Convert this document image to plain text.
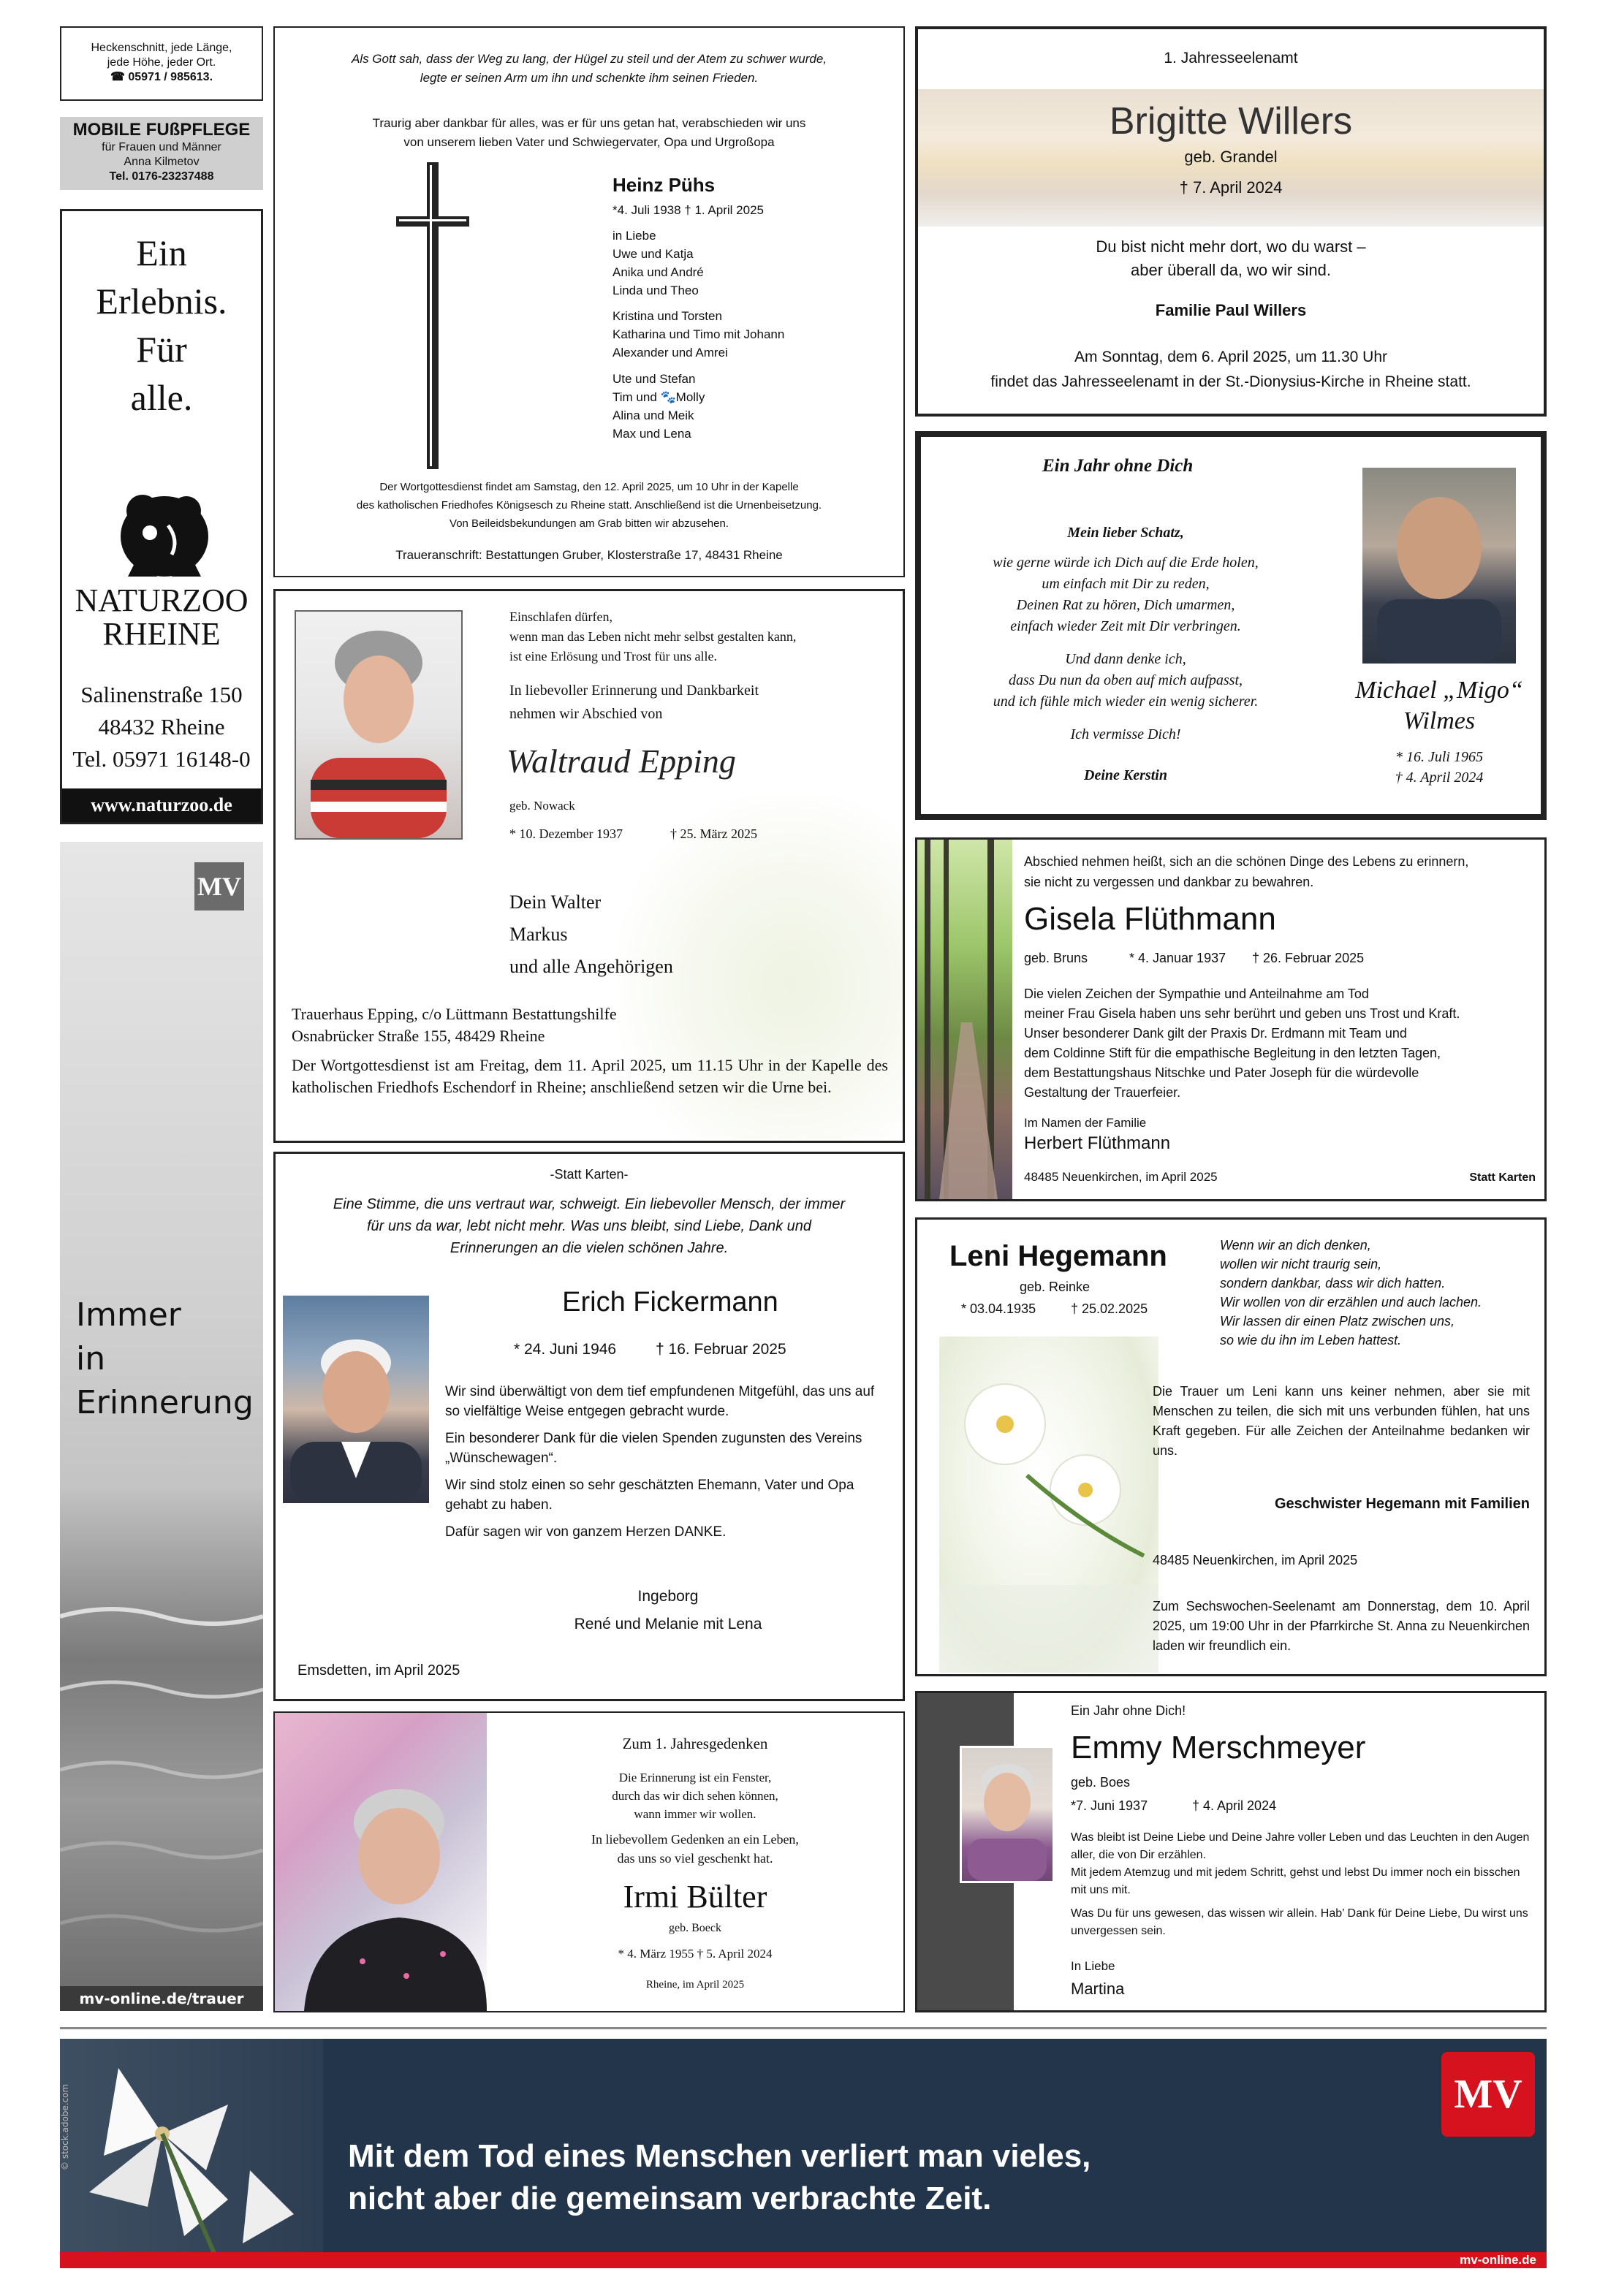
Heckenschnitt, jede Länge,
jede Höhe, jeder Ort.
☎ 05971 / 985613.
MOBILE FUßPFLEGE
für Frauen und Männer
Anna Kilmetov
Tel. 0176-23237488
Ein
Erlebnis.
Für
alle.
NATURZOO
RHEINE
Salinenstraße 150
48432 Rheine
Tel. 05971 16148-0
www.naturzoo.de
MV
Immer
in
Erinnerung
mv-online.de/trauer
Als Gott sah, dass der Weg zu lang, der Hügel zu steil und der Atem zu schwer wurde,
legte er seinen Arm um ihn und schenkte ihm seinen Frieden.
Traurig aber dankbar für alles, was er für uns getan hat, verabschieden wir uns
von unserem lieben Vater und Schwiegervater, Opa und Urgroßopa
Heinz Pühs
*4. Juli 1938 † 1. April 2025
in Liebe
Uwe und Katja
Anika und André
Linda und Theo
Kristina und Torsten
Katharina und Timo mit Johann
Alexander und Amrei
Ute und Stefan
Tim und 🐾Molly
Alina und Meik
Max und Lena
Der Wortgottesdienst findet am Samstag, den 12. April 2025, um 10 Uhr in der Kapelle
des katholischen Friedhofes Königsesch zu Rheine statt. Anschließend ist die Urnenbeisetzung.
Von Beileidsbekundungen am Grab bitten wir abzusehen.
Traueranschrift: Bestattungen Gruber, Klosterstraße 17, 48431 Rheine
1. Jahresseelenamt
Brigitte Willers
geb. Grandel
† 7. April 2024
Du bist nicht mehr dort, wo du warst –
aber überall da, wo wir sind.
Familie Paul Willers
Am Sonntag, dem 6. April 2025, um 11.30 Uhr
findet das Jahresseelenamt in der St.-Dionysius-Kirche in Rheine statt.
Ein Jahr ohne Dich
Mein lieber Schatz,
wie gerne würde ich Dich auf die Erde holen,
um einfach mit Dir zu reden,
Deinen Rat zu hören, Dich umarmen,
einfach wieder Zeit mit Dir verbringen.
Und dann denke ich,
dass Du nun da oben auf mich aufpasst,
und ich fühle mich wieder ein wenig sicherer.
Ich vermisse Dich!
Deine Kerstin
Michael „Migo“
Wilmes
* 16. Juli 1965
† 4. April 2024
Einschlafen dürfen,
wenn man das Leben nicht mehr selbst gestalten kann,
ist eine Erlösung und Trost für uns alle.
In liebevoller Erinnerung und Dankbarkeit
nehmen wir Abschied von
Waltraud Epping
geb. Nowack
* 10. Dezember 1937	† 25. März 2025
Dein Walter
Markus
und alle Angehörigen
Trauerhaus Epping, c/o Lüttmann Bestattungshilfe
Osnabrücker Straße 155, 48429 Rheine
Der Wortgottesdienst ist am Freitag, dem 11. April 2025, um 11.15 Uhr in der Kapelle des katholischen Friedhofs Eschendorf in Rheine; anschließend setzen wir die Urne bei.
Abschied nehmen heißt, sich an die schönen Dinge des Lebens zu erinnern,
sie nicht zu vergessen und dankbar zu bewahren.
Gisela Flüthmann
geb. Bruns	* 4. Januar 1937 † 26. Februar 2025
Die vielen Zeichen der Sympathie und Anteilnahme am Tod
meiner Frau Gisela haben uns sehr berührt und geben uns Trost und Kraft.
Unser besonderer Dank gilt der Praxis Dr. Erdmann mit Team und
dem Coldinne Stift für die empathische Begleitung in den letzten Tagen,
dem Bestattungshaus Nitschke und Pater Joseph für die würdevolle
Gestaltung der Trauerfeier.
Im Namen der Familie
Herbert Flüthmann
48485 Neuenkirchen, im April 2025	Statt Karten
-Statt Karten-
Eine Stimme, die uns vertraut war, schweigt. Ein liebevoller Mensch, der immer
für uns da war, lebt nicht mehr. Was uns bleibt, sind Liebe, Dank und
Erinnerungen an die vielen schönen Jahre.
Erich Fickermann
* 24. Juni 1946	† 16. Februar 2025
Wir sind überwältigt von dem tief empfundenen Mitgefühl, das uns auf so vielfältige Weise entgegen gebracht wurde.
Ein besonderer Dank für die vielen Spenden zugunsten des Vereins „Wünschewagen“.
Wir sind stolz einen so sehr geschätzten Ehemann, Vater und Opa gehabt zu haben.
Dafür sagen wir von ganzem Herzen DANKE.
Ingeborg
René und Melanie mit Lena
Emsdetten, im April 2025
Leni Hegemann
geb. Reinke
* 03.04.1935	† 25.02.2025
Wenn wir an dich denken,
wollen wir nicht traurig sein,
sondern dankbar, dass wir dich hatten.
Wir wollen von dir erzählen und auch lachen.
Wir lassen dir einen Platz zwischen uns,
so wie du ihn im Leben hattest.
Die Trauer um Leni kann uns keiner nehmen, aber sie mit Menschen zu teilen, die sich mit uns verbunden fühlen, hat uns Kraft gegeben. Für alle Zeichen der Anteilnahme bedanken wir uns.
Geschwister Hegemann mit Familien
48485 Neuenkirchen, im April 2025
Zum Sechswochen-Seelenamt am Donnerstag, dem 10. April 2025, um 19:00 Uhr in der Pfarrkirche St. Anna zu Neuenkirchen laden wir freundlich ein.
Zum 1. Jahresgedenken
Die Erinnerung ist ein Fenster,
durch das wir dich sehen können,
wann immer wir wollen.
In liebevollem Gedenken an ein Leben,
das uns so viel geschenkt hat.
Irmi Bülter
geb. Boeck
* 4. März 1955 † 5. April 2024
Rheine, im April 2025
Ein Jahr ohne Dich!
Emmy Merschmeyer
geb. Boes
*7. Juni 1937	† 4. April 2024
Was bleibt ist Deine Liebe und Deine Jahre voller Leben und das Leuchten in den Augen aller, die von Dir erzählen.
Mit jedem Atemzug und mit jedem Schritt, gehst und lebst Du immer noch ein bisschen mit uns mit.
Was Du für uns gewesen, das wissen wir allein. Hab’ Dank für Deine Liebe, Du wirst uns unvergessen sein.
In Liebe
Martina
© stock.adobe.com	Mit dem Tod eines Menschen verliert man vieles,
nicht aber die gemeinsam verbrachte Zeit.
MV
mv-online.de
